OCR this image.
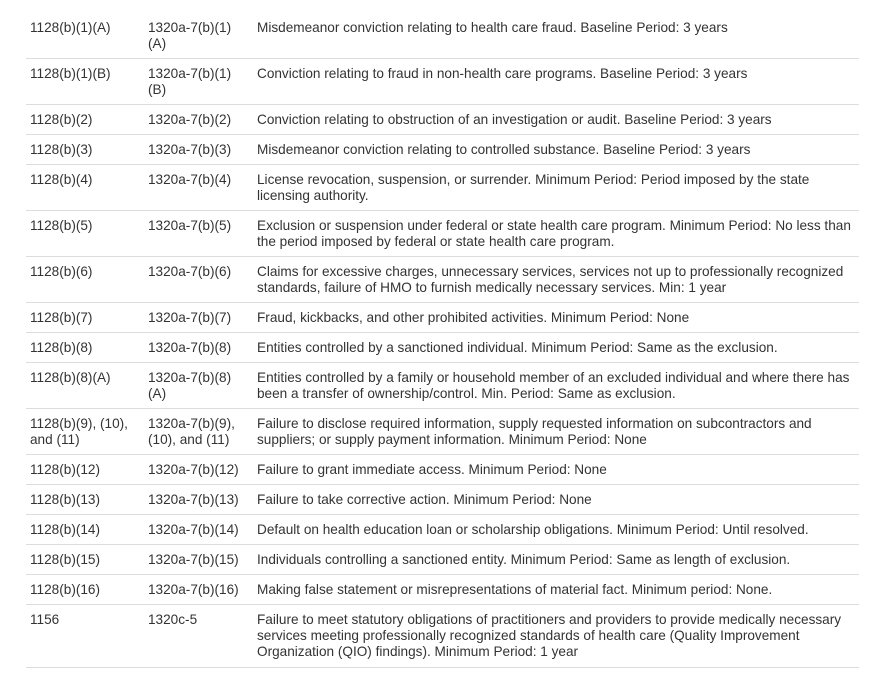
1128(b)(1)(A)	1320a-7(b)(1)(A)	Misdemeanor conviction relating to health care fraud. Baseline Period: 3 years
1128(b)(1)(B)	1320a-7(b)(1)(B)	Conviction relating to fraud in non-health care programs. Baseline Period: 3 years
1128(b)(2)	1320a-7(b)(2)	Conviction relating to obstruction of an investigation or audit. Baseline Period: 3 years
1128(b)(3)	1320a-7(b)(3)	Misdemeanor conviction relating to controlled substance. Baseline Period: 3 years
1128(b)(4)	1320a-7(b)(4)	License revocation, suspension, or surrender. Minimum Period: Period imposed by the state licensing authority.
1128(b)(5)	1320a-7(b)(5)	Exclusion or suspension under federal or state health care program. Minimum Period: No less than the period imposed by federal or state health care program.
1128(b)(6)	1320a-7(b)(6)	Claims for excessive charges, unnecessary services, services not up to professionally recognized standards, failure of HMO to furnish medically necessary services. Min: 1 year
1128(b)(7)	1320a-7(b)(7)	Fraud, kickbacks, and other prohibited activities. Minimum Period: None
1128(b)(8)	1320a-7(b)(8)	Entities controlled by a sanctioned individual. Minimum Period: Same as the exclusion.
1128(b)(8)(A)	1320a-7(b)(8)(A)	Entities controlled by a family or household member of an excluded individual and where there has been a transfer of ownership/control. Min. Period: Same as exclusion.
1128(b)(9), (10), and (11)	1320a-7(b)(9), (10), and (11)	Failure to disclose required information, supply requested information on subcontractors and suppliers; or supply payment information. Minimum Period: None
1128(b)(12)	1320a-7(b)(12)	Failure to grant immediate access. Minimum Period: None
1128(b)(13)	1320a-7(b)(13)	Failure to take corrective action. Minimum Period: None
1128(b)(14)	1320a-7(b)(14)	Default on health education loan or scholarship obligations. Minimum Period: Until resolved.
1128(b)(15)	1320a-7(b)(15)	Individuals controlling a sanctioned entity. Minimum Period: Same as length of exclusion.
1128(b)(16)	1320a-7(b)(16)	Making false statement or misrepresentations of material fact. Minimum period: None.
1156	1320c-5	Failure to meet statutory obligations of practitioners and providers to provide medically necessary services meeting professionally recognized standards of health care (Quality Improvement Organization (QIO) findings). Minimum Period: 1 year
